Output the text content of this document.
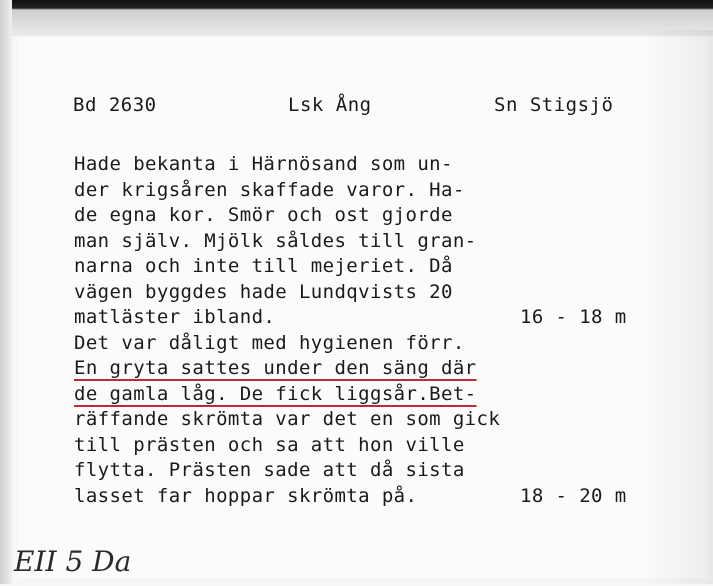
Bd 2630	Lsk Ång	Sn Stigsjö

Hade bekanta i Härnösand som un-

der krigsåren skaffade varor. Ha-

de egna kor. Smör och ost gjorde

man själv. Mjölk såldes till gran-

narna och inte till mejeriet. Då

vägen byggdes hade Lundqvists 20

matläster ibland.

	16 - 18 m

Det var dåligt med hygienen förr.

En gryta sattes under den säng där

de gamla låg. De fick liggsår.Bet-

räffande skrömta var det en som gick

till prästen och sa att hon ville

flytta. Prästen sade att då sista

lasset far hoppar skrömta på.

	18 - 20 m

EII 5 Da
